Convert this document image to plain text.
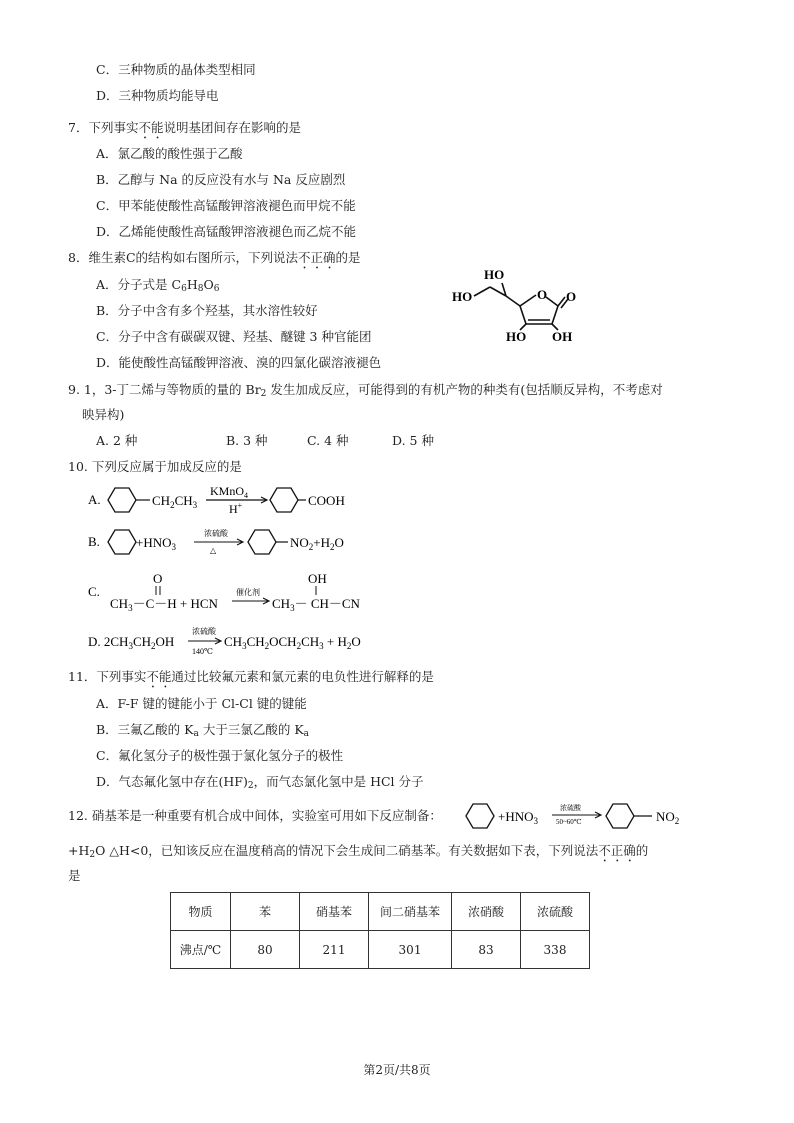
C．三种物质的晶体类型相同
D．三种物质均能导电
7．下列事实不能说明基团间存在影响的是
A．氯乙酸的酸性强于乙酸
B．乙醇与 Na 的反应没有水与 Na 反应剧烈
C．甲苯能使酸性高锰酸钾溶液褪色而甲烷不能
D．乙烯能使酸性高锰酸钾溶液褪色而乙烷不能
8．维生素C的结构如右图所示，下列说法不正确的是
A．分子式是 $C_6H_8O_6$
B．分子中含有多个羟基，其水溶性较好
C．分子中含有碳碳双键、羟基、醚键 3 种官能团
D．能使酸性高锰酸钾溶液、溴的四氯化碳溶液褪色
HO
HO	O O
HO OH
9. 1，3-丁二烯与等物质的量的 $Br_2$ 发生加成反应，可能得到的有机产物的种类有(包括顺反异构，不考虑对
映异构)
A. 2 种	B. 3 种	C. 4 种	D. 5 种
10. 下列反应属于加成反应的是
A.	$CH_2CH_3$
KMnO$_4$
H+	COOH
B.	$+HNO_3$
浓硫酸
△
$NO_2+H_2O$
C.
O
$CH_3-C-H$ + HCN
催化剂
OH
$CH_3- CH-CN$
D. $2CH_3CH_2OH$
浓硫酸
140℃
$CH_3CH_2OCH_2CH_3 + H_2O$
11．下列事实不能通过比较氟元素和氯元素的电负性进行解释的是
A．F-F 键的键能小于 Cl-Cl 键的键能
B．三氟乙酸的 $K_a$ 大于三氯乙酸的 $K_a$
C．氟化氢分子的极性强于氯化氢分子的极性
D．气态氟化氢中存在$(HF)_2$，而气态氯化氢中是 HCl 分子
12. 硝基苯是一种重要有机合成中间体，实验室可用如下反应制备：	$+HNO_3$
浓硫酸
50~60℃	$NO_2$
$+H_2O$ △H<0，已知该反应在温度稍高的情况下会生成间二硝基苯。有关数据如下表，下列说法不正确的
是
物质	苯	硝基苯	间二硝基苯	浓硝酸	浓硫酸
沸点/℃	80	211	301	83	338
第2页/共8页
